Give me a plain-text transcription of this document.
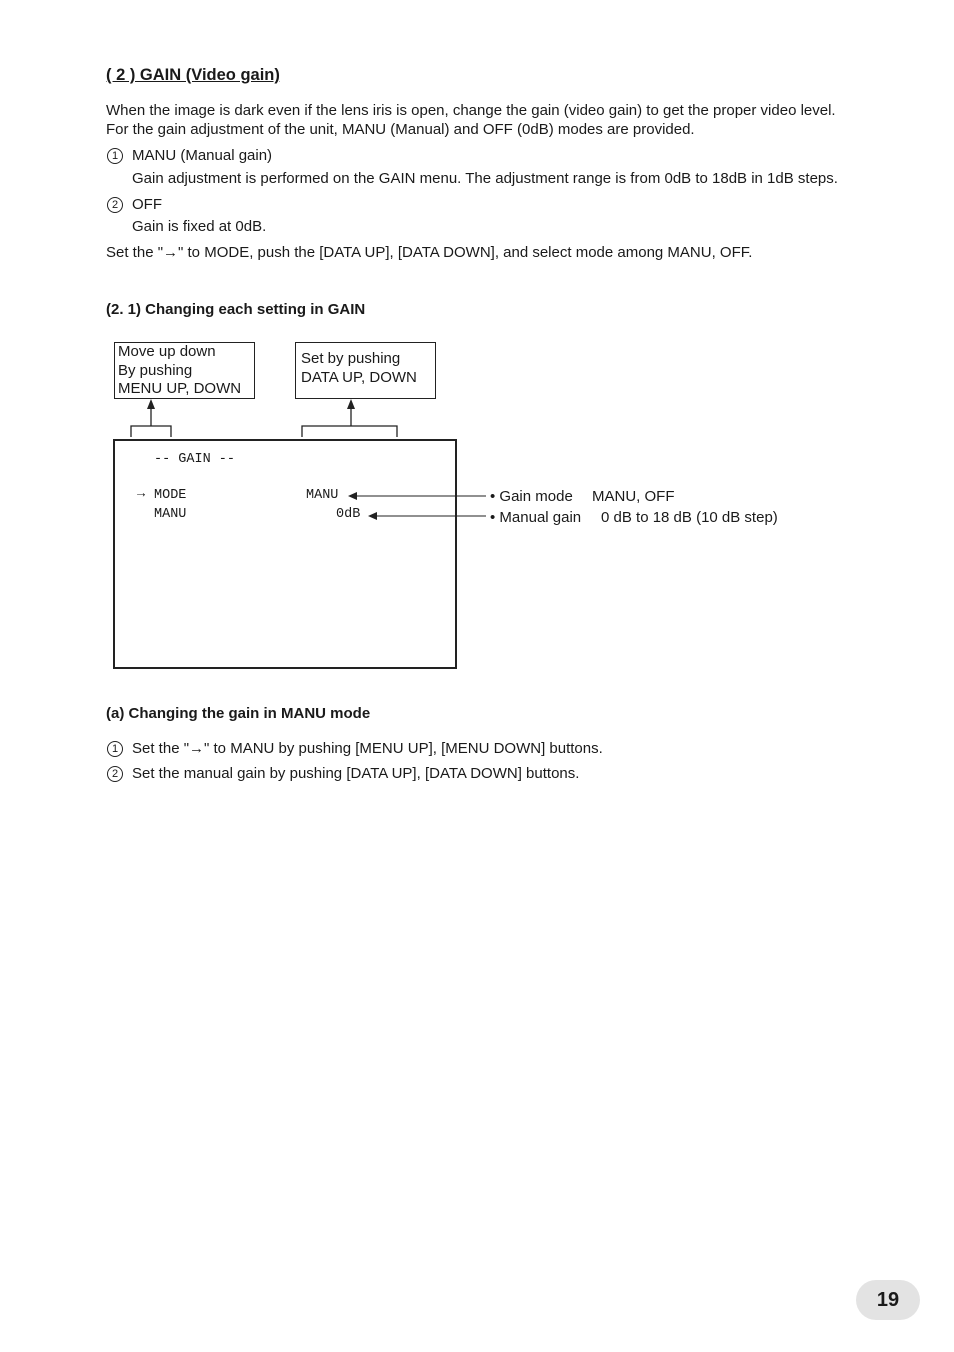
( 2 ) GAIN (Video gain)
When the image is dark even if the lens iris is open, change the gain (video gain) to get the proper video level.
For the gain adjustment of the unit, MANU (Manual) and OFF (0dB) modes are provided.
1 MANU (Manual gain)
Gain adjustment is performed on the GAIN menu. The adjustment range is from 0dB to 18dB in 1dB steps.
2 OFF
Gain is fixed at 0dB.
Set the "→" to MODE, push the [DATA UP], [DATA DOWN], and select mode among MANU, OFF.
(2. 1) Changing each setting in GAIN
Move up down
By pushing
MENU UP, DOWN
Set by pushing
DATA UP, DOWN
-- GAIN --
→ MODE	MANU
MANU	0dB
• Gain mode MANU, OFF
• Manual gain 0 dB to 18 dB (10 dB step)
(a) Changing the gain in MANU mode
1 Set the "→" to MANU by pushing [MENU UP], [MENU DOWN] buttons.
2 Set the manual gain by pushing [DATA UP], [DATA DOWN] buttons.
19
